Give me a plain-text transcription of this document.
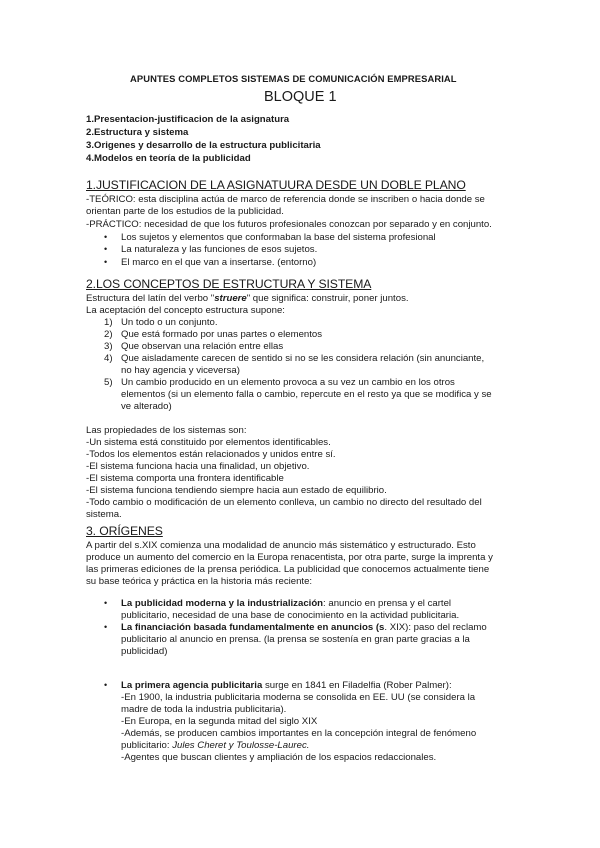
APUNTES COMPLETOS SISTEMAS DE COMUNICACIÓN EMPRESARIAL
BLOQUE 1
1.Presentacion-justificacion de la asignatura
2.Estructura y sistema
3.Origenes y desarrollo de la estructura publicitaria
4.Modelos en teoría de la publicidad
1.JUSTIFICACION DE LA ASIGNATUURA DESDE UN DOBLE PLANO
-TEÓRICO: esta disciplina actúa de marco de referencia donde se inscriben o hacia donde se
orientan parte de los estudios de la publicidad.
-PRÁCTICO: necesidad de que los futuros profesionales conozcan por separado y en conjunto.
• Los sujetos y elementos que conformaban la base del sistema profesional
• La naturaleza y las funciones de esos sujetos.
• El marco en el que van a insertarse. (entorno)
2.LOS CONCEPTOS DE ESTRUCTURA Y SISTEMA
Estructura del latín del verbo "struere" que significa: construir, poner juntos.
La aceptación del concepto estructura supone:
1) Un todo o un conjunto.
2) Que está formado por unas partes o elementos
3) Que observan una relación entre ellas
4) Que aisladamente carecen de sentido si no se les considera relación (sin anunciante,
no hay agencia y viceversa)
5) Un cambio producido en un elemento provoca a su vez un cambio en los otros
elementos (si un elemento falla o cambio, repercute en el resto ya que se modifica y se
ve alterado)
Las propiedades de los sistemas son:
-Un sistema está constituido por elementos identificables.
-Todos los elementos están relacionados y unidos entre sí.
-El sistema funciona hacia una finalidad, un objetivo.
-El sistema comporta una frontera identificable
-El sistema funciona tendiendo siempre hacia aun estado de equilibrio.
-Todo cambio o modificación de un elemento conlleva, un cambio no directo del resultado del
sistema.
3. ORÍGENES
A partir del s.XIX comienza una modalidad de anuncio más sistemático y estructurado. Esto
produce un aumento del comercio en la Europa renacentista, por otra parte, surge la imprenta y
las primeras ediciones de la prensa periódica. La publicidad que conocemos actualmente tiene
su base teórica y práctica en la historia más reciente:
• La publicidad moderna y la industrialización: anuncio en prensa y el cartel
publicitario, necesidad de una base de conocimiento en la actividad publicitaria.
• La financiación basada fundamentalmente en anuncios (s. XIX): paso del reclamo
publicitario al anuncio en prensa. (la prensa se sostenía en gran parte gracias a la
publicidad)
• La primera agencia publicitaria surge en 1841 en Filadelfia (Rober Palmer):
-En 1900, la industria publicitaria moderna se consolida en EE. UU (se considera la
madre de toda la industria publicitaria).
-En Europa, en la segunda mitad del siglo XIX
-Además, se producen cambios importantes en la concepción integral de fenómeno
publicitario: Jules Cheret y Toulosse-Laurec.
-Agentes que buscan clientes y ampliación de los espacios redaccionales.
